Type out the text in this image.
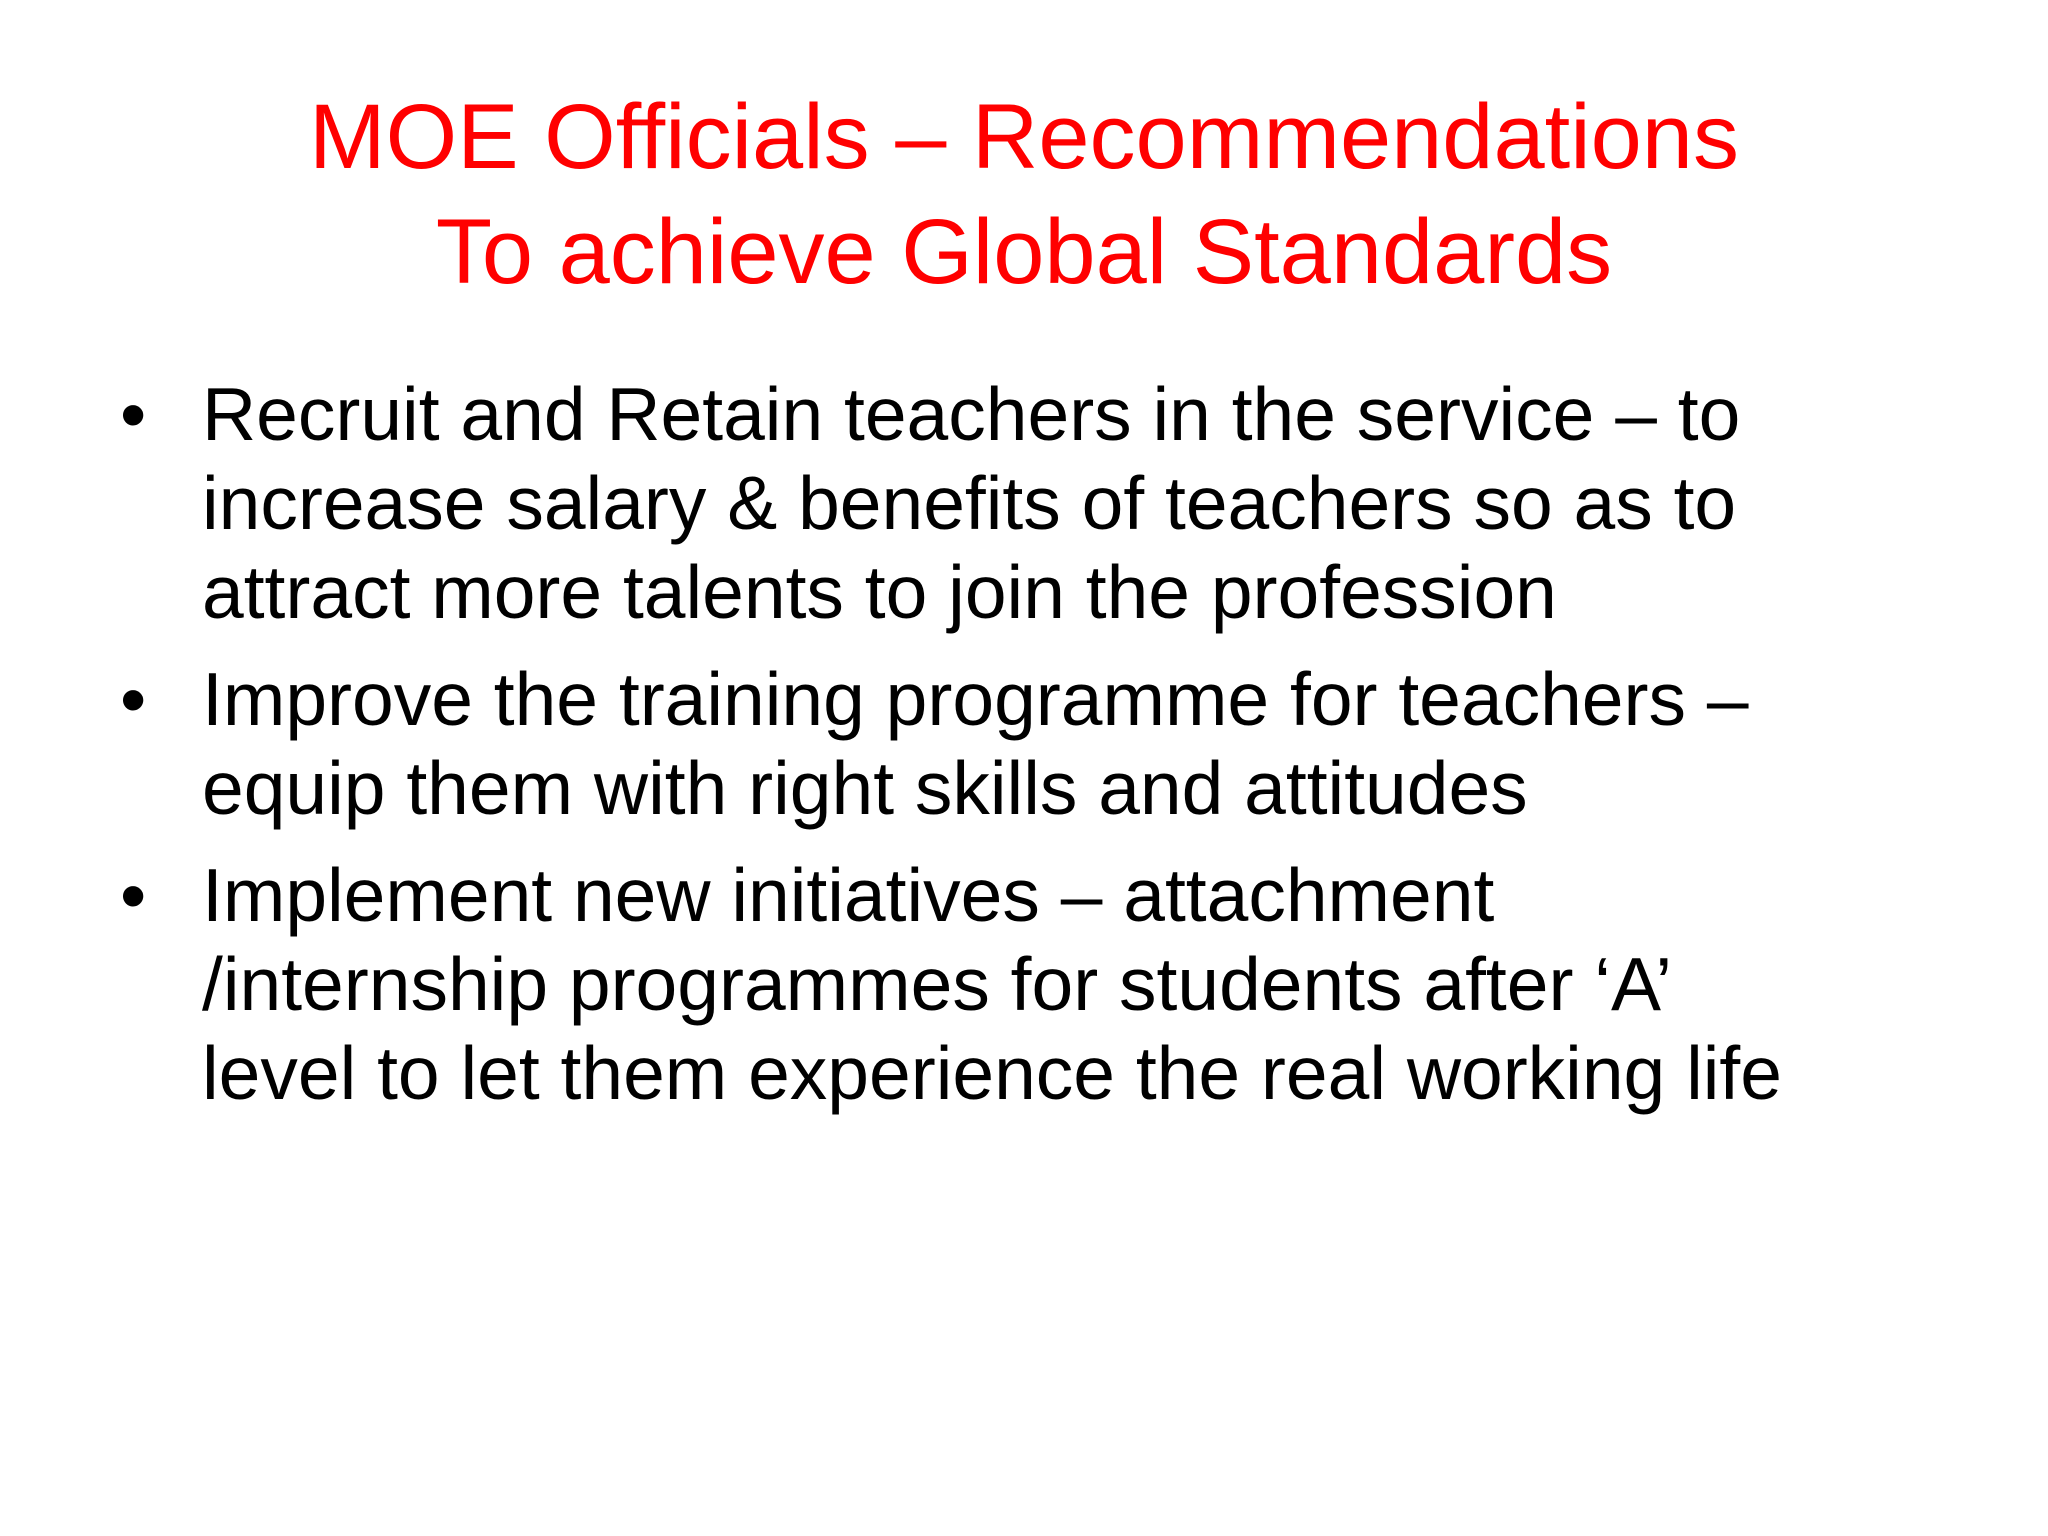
MOE Officials – Recommendations
To achieve Global Standards
• Recruit and Retain teachers in the service – to
increase salary & benefits of teachers so as to
attract more talents to join the profession
• Improve the training programme for teachers –
equip them with right skills and attitudes
• Implement new initiatives – attachment
/internship programmes for students after ‘A’
level to let them experience the real working life
